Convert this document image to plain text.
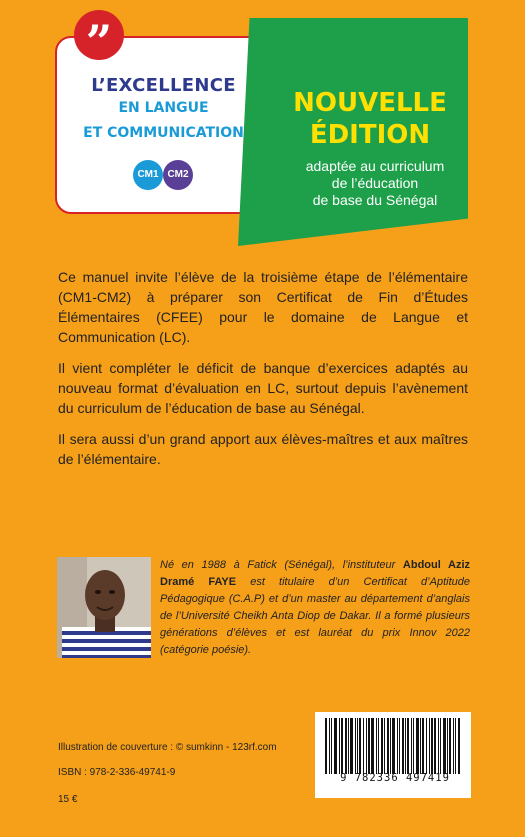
”
L’EXCELLENCE
EN LANGUE
ET COMMUNICATION
CM1 CM2
NOUVELLE
ÉDITION
adaptée au curriculum
de l’éducation
de base du Sénégal

Ce manuel invite l’élève de la troisième étape de l’élémentaire (CM1-CM2) à préparer son Certificat de Fin d’Études Élémentaires (CFEE) pour le domaine de Langue et Communication (LC).

Il vient compléter le déficit de banque d’exercices adaptés au nouveau format d’évaluation en LC, surtout depuis l’avènement du curriculum de l’éducation de base au Sénégal.

Il sera aussi d’un grand apport aux élèves-maîtres et aux maîtres de l’élémentaire.

Né en 1988 à Fatick (Sénégal), l’instituteur Abdoul Aziz Dramé FAYE est titulaire d’un Certificat d’Aptitude Pédagogique (C.A.P) et d’un master au département d’anglais de l’Université Cheikh Anta Diop de Dakar. Il a formé plusieurs générations d’élèves et est lauréat du prix Innov 2022 (catégorie poésie).
Illustration de couverture : © sumkinn - 123rf.com
ISBN : 978-2-336-49741-9
15 €
9 782336 497419
